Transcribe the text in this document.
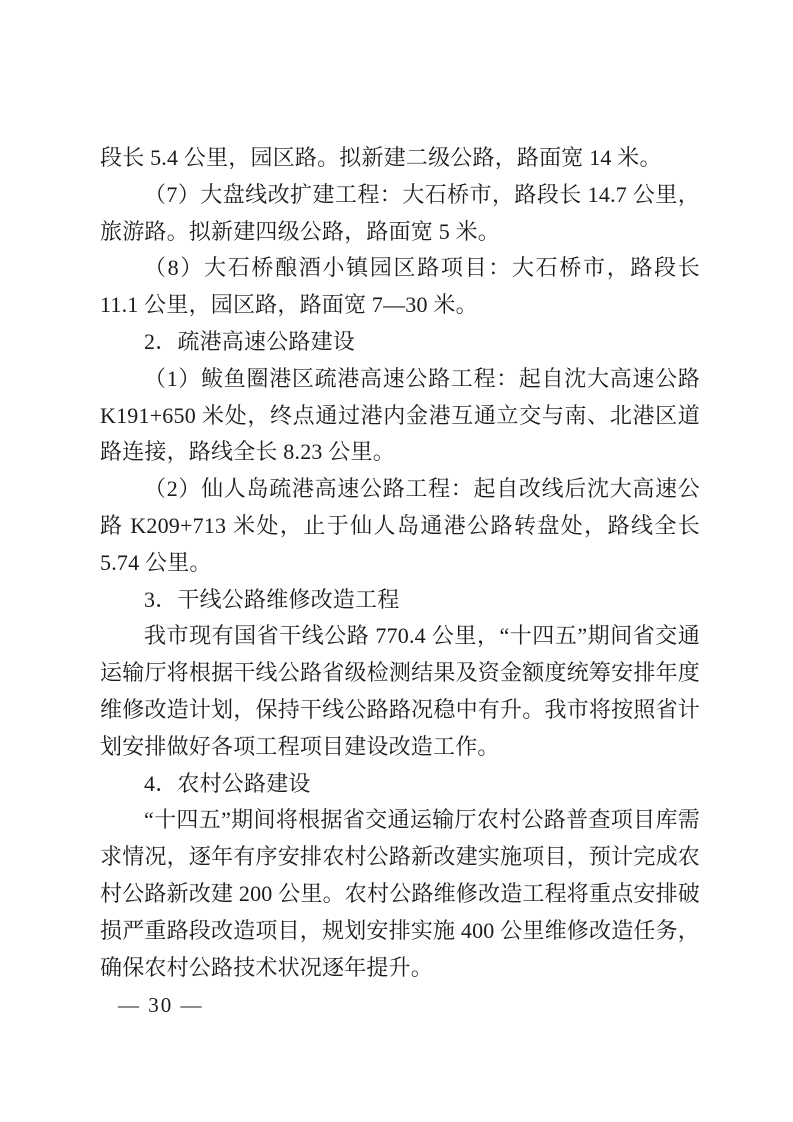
段长 5.4 公里，园区路。拟新建二级公路，路面宽 14 米。

（7）大盘线改扩建工程：大石桥市，路段长 14.7 公里，旅游路。拟新建四级公路，路面宽 5 米。

（8）大石桥酿酒小镇园区路项目：大石桥市，路段长 11.1 公里，园区路，路面宽 7—30 米。

2．疏港高速公路建设

（1）鲅鱼圈港区疏港高速公路工程：起自沈大高速公路 K191+650 米处，终点通过港内金港互通立交与南、北港区道路连接，路线全长 8.23 公里。

（2）仙人岛疏港高速公路工程：起自改线后沈大高速公路 K209+713 米处，止于仙人岛通港公路转盘处，路线全长 5.74 公里。

3．干线公路维修改造工程

我市现有国省干线公路 770.4 公里，“十四五”期间省交通运输厅将根据干线公路省级检测结果及资金额度统筹安排年度维修改造计划，保持干线公路路况稳中有升。我市将按照省计划安排做好各项工程项目建设改造工作。

4．农村公路建设

“十四五”期间将根据省交通运输厅农村公路普查项目库需求情况，逐年有序安排农村公路新改建实施项目，预计完成农村公路新改建 200 公里。农村公路维修改造工程将重点安排破损严重路段改造项目，规划安排实施 400 公里维修改造任务，确保农村公路技术状况逐年提升。

— 30 —
